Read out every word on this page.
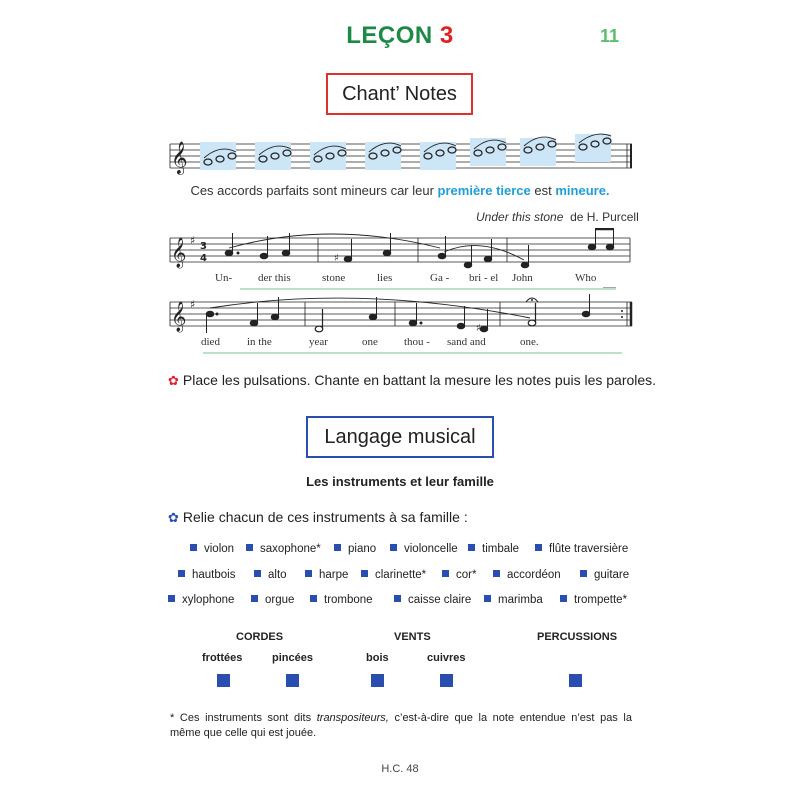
LEÇON 3	11
Chant’ Notes
𝄞
Ces accords parfaits sont mineurs car leur première tierce est mineure.
Under this stone de H. Purcell
𝄞 ♯ 3
4	♯
Un- der this	stone	lies	Ga - bri - el John	Who
𝄞 ♯
♯
died in the	year	one thou - sand and	one.
✿ Place les pulsations. Chante en battant la mesure les notes puis les paroles.
Langage musical
Les instruments et leur famille
✿ Relie chacun de ces instruments à sa famille :
violon	saxophone*	piano	violoncelle	timbale	flûte traversière
hautbois	alto	harpe	clarinette*	cor*	accordéon	guitare
xylophone	orgue	trombone	caisse claire	marimba	trompette*
CORDES	VENTS	PERCUSSIONS
frottées	pincées	bois	cuivres
* Ces instruments sont dits transpositeurs, c’est-à-dire que la note entendue n’est pas la même que celle qui est jouée.
H.C. 48
